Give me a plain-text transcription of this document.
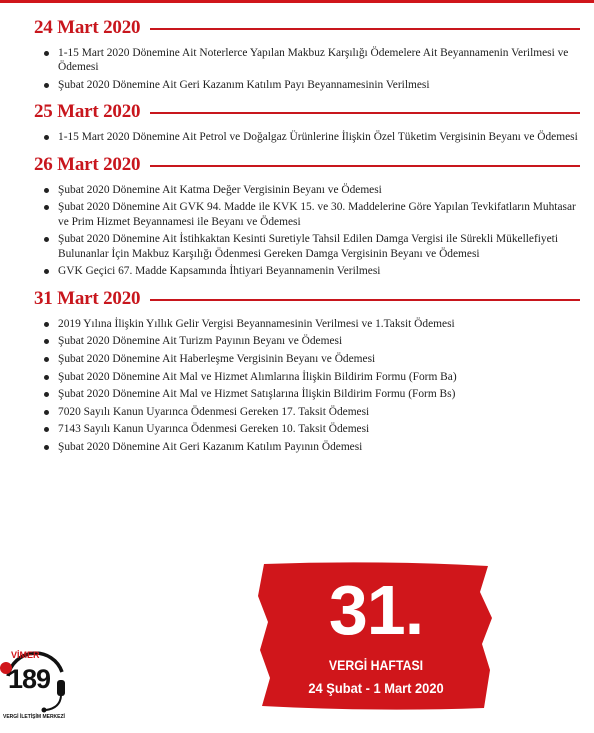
24 Mart 2020
1-15 Mart 2020 Dönemine Ait Noterlerce Yapılan Makbuz Karşılığı Ödemelere Ait Beyannamenin Verilmesi ve Ödemesi
Şubat 2020 Dönemine Ait Geri Kazanım Katılım Payı Beyannamesinin Verilmesi
25 Mart 2020
1-15 Mart 2020 Dönemine Ait Petrol ve Doğalgaz Ürünlerine İlişkin Özel Tüketim Vergisinin Beyanı ve Ödemesi
26 Mart 2020
Şubat 2020 Dönemine Ait Katma Değer Vergisinin Beyanı ve Ödemesi
Şubat 2020 Dönemine Ait GVK 94. Madde ile KVK 15. ve 30. Maddelerine Göre Yapılan Tevkifatların Muhtasar ve Prim Hizmet Beyannamesi ile Beyanı ve Ödemesi
Şubat 2020 Dönemine Ait İstihkaktan Kesinti Suretiyle Tahsil Edilen Damga Vergisi ile Sürekli Mükellefiyeti Bulunanlar İçin Makbuz Karşılığı Ödenmesi Gereken Damga Vergisinin Beyanı ve Ödemesi
GVK Geçici 67. Madde Kapsamında İhtiyari Beyannamenin Verilmesi
31 Mart 2020
2019 Yılına İlişkin Yıllık Gelir Vergisi Beyannamesinin Verilmesi ve 1.Taksit Ödemesi
Şubat 2020 Dönemine Ait Turizm Payının Beyanı ve Ödemesi
Şubat 2020 Dönemine Ait Haberleşme Vergisinin Beyanı ve Ödemesi
Şubat 2020 Dönemine Ait Mal ve Hizmet Alımlarına İlişkin Bildirim Formu (Form Ba)
Şubat 2020 Dönemine Ait Mal ve Hizmet Satışlarına İlişkin Bildirim Formu (Form Bs)
7020 Sayılı Kanun Uyarınca Ödenmesi Gereken 17. Taksit Ödemesi
7143 Sayılı Kanun Uyarınca Ödenmesi Gereken 10. Taksit Ödemesi
Şubat 2020 Dönemine Ait Geri Kazanım Katılım Payının Ödemesi
31.
VERGİ HAFTASI
24 Şubat - 1 Mart 2020
VİMER
189
VERGİ İLETİŞİM MERKEZİ
